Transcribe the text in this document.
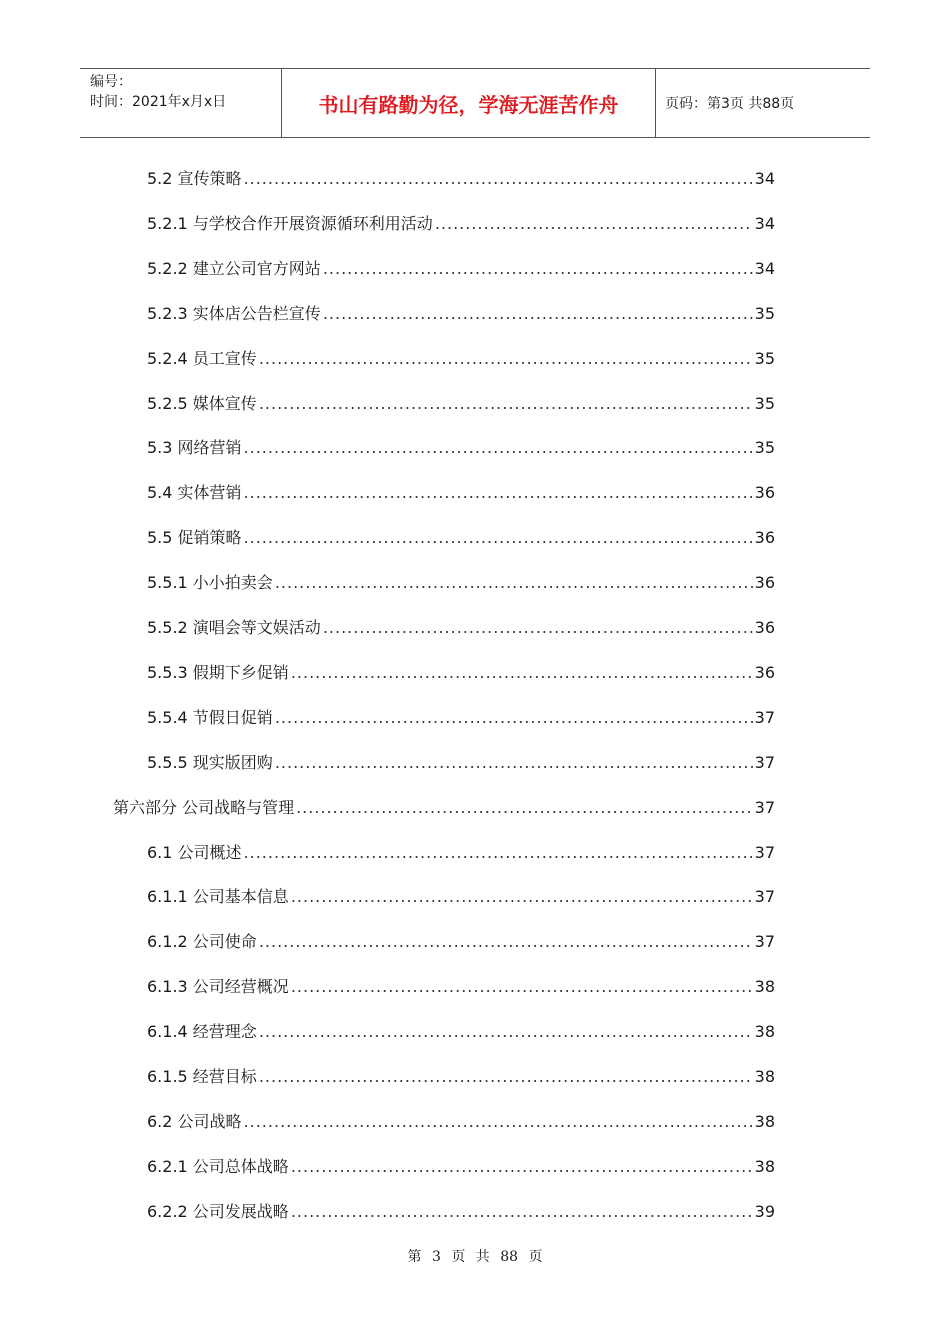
编号：
时间：2021年x月x日	书山有路勤为径，学海无涯苦作舟	页码：第3页 共88页
5.2 宣传策略 .....	34
5.2.1 与学校合作开展资源循环利用活动 .....	34
5.2.2 建立公司官方网站 .....	34
5.2.3 实体店公告栏宣传 .....	35
5.2.4 员工宣传 .....	35
5.2.5 媒体宣传 .....	35
5.3 网络营销 .....	35
5.4 实体营销 .....	36
5.5 促销策略 .....	36
5.5.1 小小拍卖会 .....	36
5.5.2 演唱会等文娱活动 .....	36
5.5.3 假期下乡促销 .....	36
5.5.4 节假日促销 .....	37
5.5.5 现实版团购 .....	37
第六部分 公司战略与管理 .....	37
6.1 公司概述 .....	37
6.1.1 公司基本信息 .....	37
6.1.2 公司使命 .....	37
6.1.3 公司经营概况 .....	38
6.1.4 经营理念 .....	38
6.1.5 经营目标 .....	38
6.2 公司战略 .....	38
6.2.1 公司总体战略 .....	38
6.2.2 公司发展战略 .....	39
第 3 页 共 88 页
